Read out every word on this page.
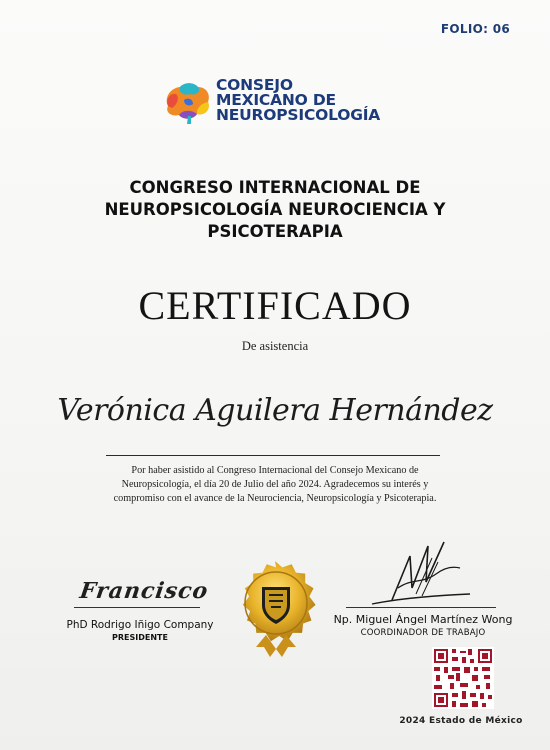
FOLIO: 06
CONSEJO
MEXICANO DE
NEUROPSICOLOGÍA
CONGRESO INTERNACIONAL DE
NEUROPSICOLOGÍA NEUROCIENCIA Y
PSICOTERAPIA
CERTIFICADO
De asistencia
Verónica Aguilera Hernández
Por haber asistido al Congreso Internacional del Consejo Mexicano de
Neuropsicología, el día 20 de Julio del año 2024. Agradecemos su interés y
compromiso con el avance de la Neurociencia, Neuropsicología y Psicoterapia.
Francisco
PhD Rodrigo Iñigo Company
PRESIDENTE
Np. Miguel Ángel Martínez Wong
COORDINADOR DE TRABAJO
2024 Estado de México
